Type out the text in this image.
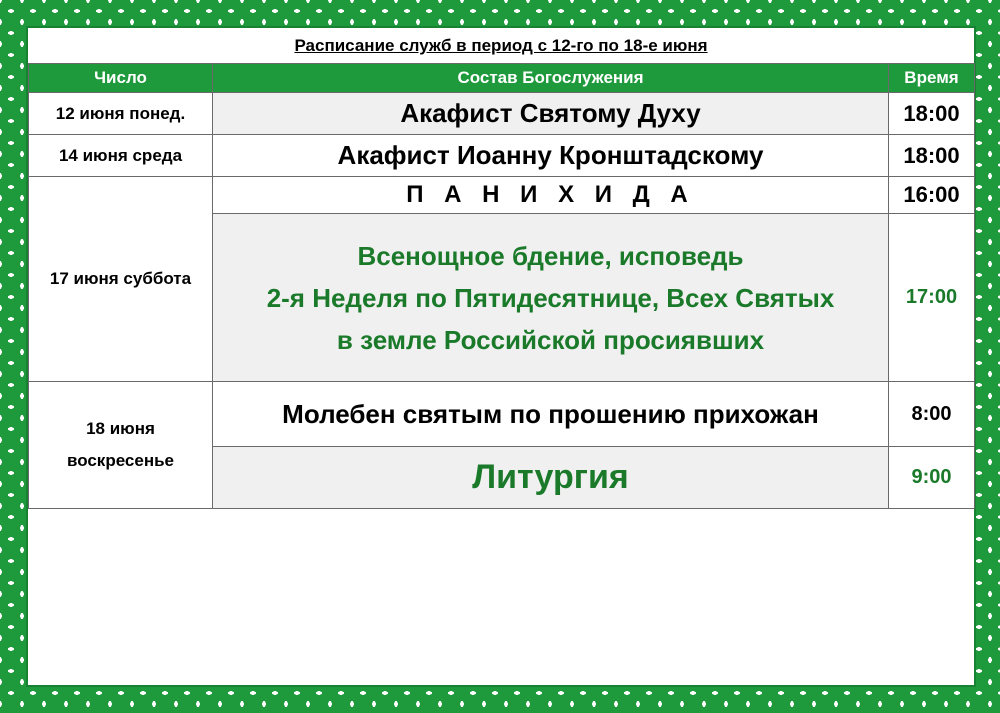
Расписание служб в период с 12-го по 18-е июня
Число	Состав Богослужения	Время
12 июня понед.	Акафист Святому Духу	18:00
14 июня среда	Акафист Иоанну Кронштадскому	18:00
17 июня суббота	П А Н И Х И Д А	16:00

	Всенощное бдение, исповедь
2-я Неделя по Пятидесятнице, Всех Святых
в земле Российской просиявших	17:00

18 июня
воскресенье	Молебен святым по прошению прихожан	8:00
	Литургия	9:00
